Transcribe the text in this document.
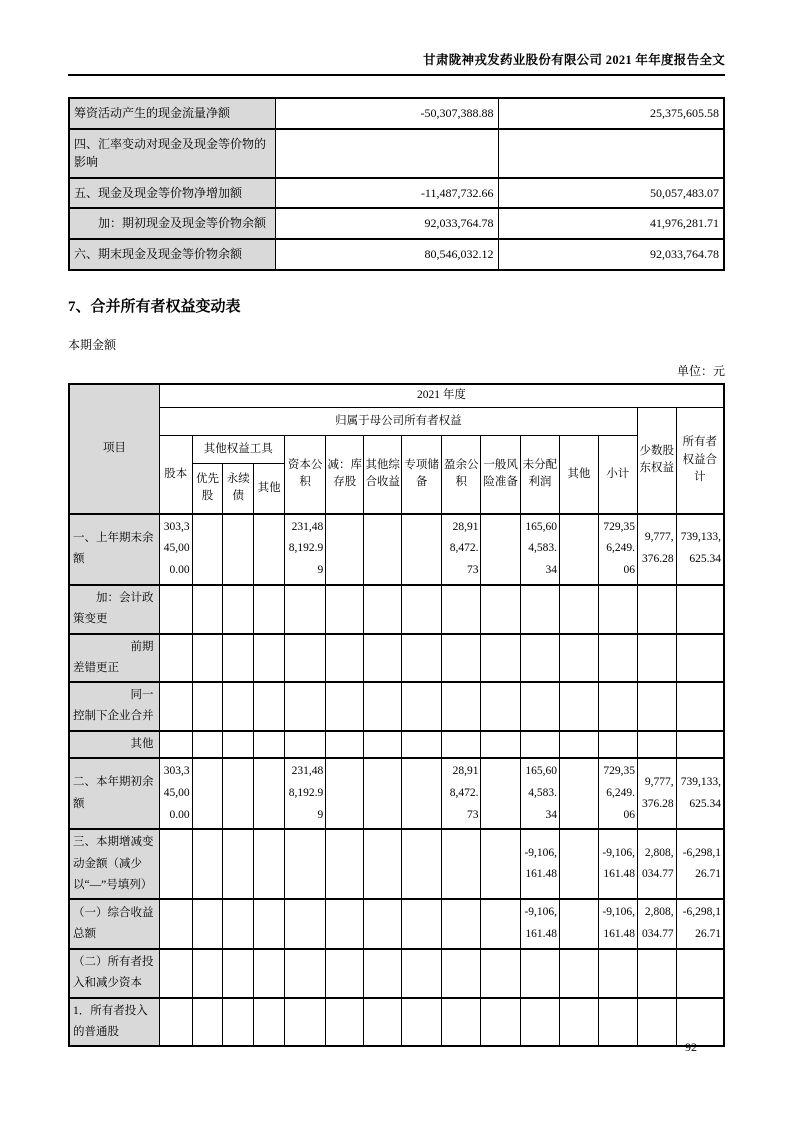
甘肃陇神戎发药业股份有限公司 2021 年年度报告全文
筹资活动产生的现金流量净额	-50,307,388.88	25,375,605.58
四、汇率变动对现金及现金等价物的影响		
五、现金及现金等价物净增加额	-11,487,732.66	50,057,483.07
加：期初现金及现金等价物余额	92,033,764.78	41,976,281.71
六、期末现金及现金等价物余额	80,546,032.12	92,033,764.78
7、合并所有者权益变动表
本期金额
单位：元
项目	2021 年度														
	归属于母公司所有者权益													少数股东权益	所有者权益合计
	股本	其他权益工具			资本公积	减：库存股	其他综合收益	专项储备	盈余公积	一般风险准备	未分配利润	其他	小计		
		优先股	永续债	其他											
一、上年期末余额	303,345,000.00				231,488,192.99				28,918,472.73		165,604,583.34		729,356,249.06	9,777,376.28	739,133,625.34
加：会计政策变更															
前期差错更正															
同一控制下企业合并															
其他															
二、本年期初余额	303,345,000.00				231,488,192.99				28,918,472.73		165,604,583.34		729,356,249.06	9,777,376.28	739,133,625.34
三、本期增减变动金额（减少以“—”号填列）											-9,106,161.48		-9,106,161.48	2,808,034.77	-6,298,126.71
（一）综合收益总额											-9,106,161.48		-9,106,161.48	2,808,034.77	-6,298,126.71
（二）所有者投入和减少资本															
1．所有者投入的普通股															
92
